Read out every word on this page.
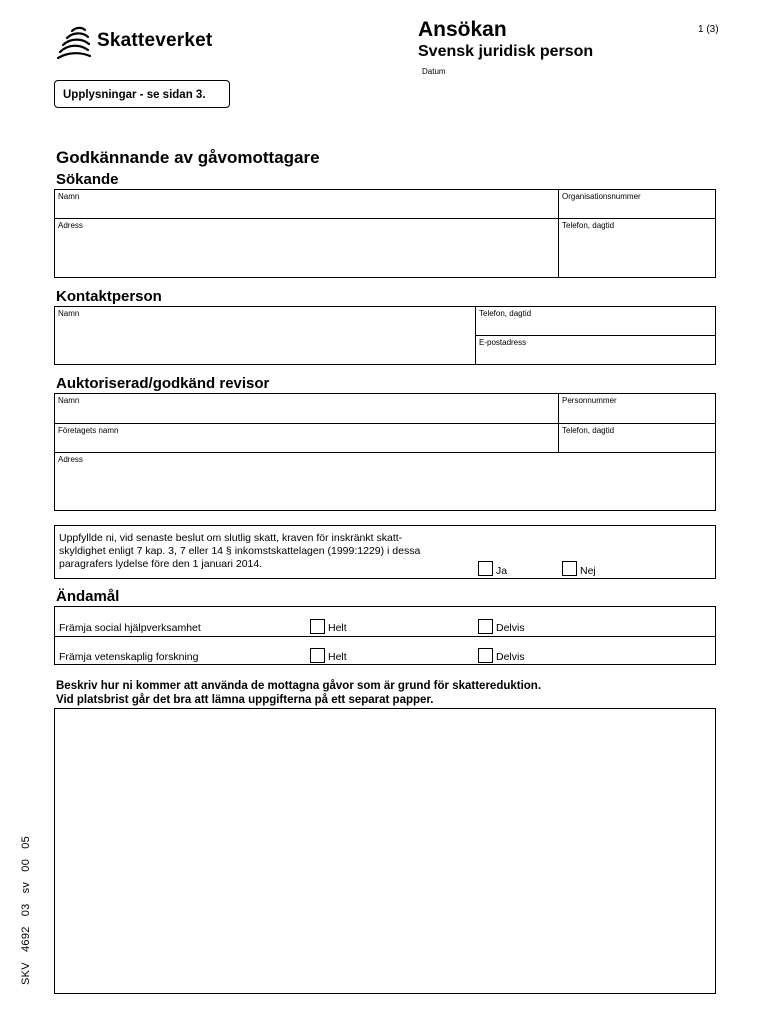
Skatteverket	Ansökan
Svensk juridisk person
Datum
1 (3)
Upplysningar - se sidan 3.
Godkännande av gåvomottagare
Sökande
Namn	Organisationsnummer
Adress	Telefon, dagtid
Kontaktperson
Namn	Telefon, dagtid
E-postadress
Auktoriserad/godkänd revisor
Namn	Personnummer
Företagets namn	Telefon, dagtid
Adress
Uppfyllde ni, vid senaste beslut om slutlig skatt, kraven för inskränkt skatt-
skyldighet enligt 7 kap. 3, 7 eller 14 § inkomstskattelagen (1999:1229) i dessa
paragrafers lydelse före den 1 januari 2014.
Ja	Nej
Ändamål
Främja social hjälpverksamhet	Helt	Delvis
Främja vetenskaplig forskning	Helt	Delvis
Beskriv hur ni kommer att använda de mottagna gåvor som är grund för skattereduktion.
Vid platsbrist går det bra att lämna uppgifterna på ett separat papper.
SKV   4692   03   sv   00   05
